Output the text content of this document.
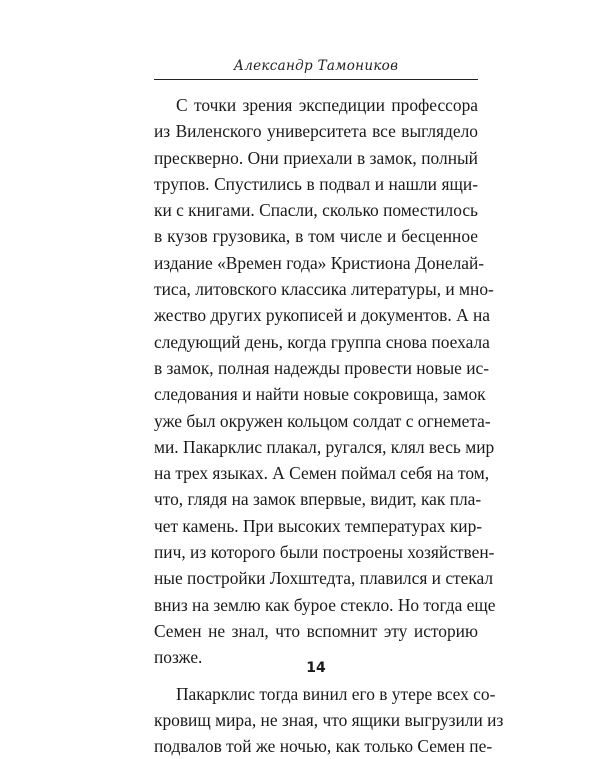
Александр Тамоников
С точки зрения экспедиции профессора
из Виленского университета все выглядело
прескверно. Они приехали в замок, полный
трупов. Спустились в подвал и нашли ящи-
ки с книгами. Спасли, сколько поместилось
в кузов грузовика, в том числе и бесценное
издание «Времен года» Кристиона Донелай-
тиса, литовского классика литературы, и мно-
жество других рукописей и документов. А на
следующий день, когда группа снова поехала
в замок, полная надежды провести новые ис-
следования и найти новые сокровища, замок
уже был окружен кольцом солдат с огнемета-
ми. Пакарклис плакал, ругался, клял весь мир
на трех языках. А Семен поймал себя на том,
что, глядя на замок впервые, видит, как пла-
чет камень. При высоких температурах кир-
пич, из которого были построены хозяйствен-
ные постройки Лохштедта, плавился и стекал
вниз на землю как бурое стекло. Но тогда еще
Семен не знал, что вспомнит эту историю
позже.
Пакарклис тогда винил его в утере всех со-
кровищ мира, не зная, что ящики выгрузили из
подвалов той же ночью, как только Семен пе-
14
